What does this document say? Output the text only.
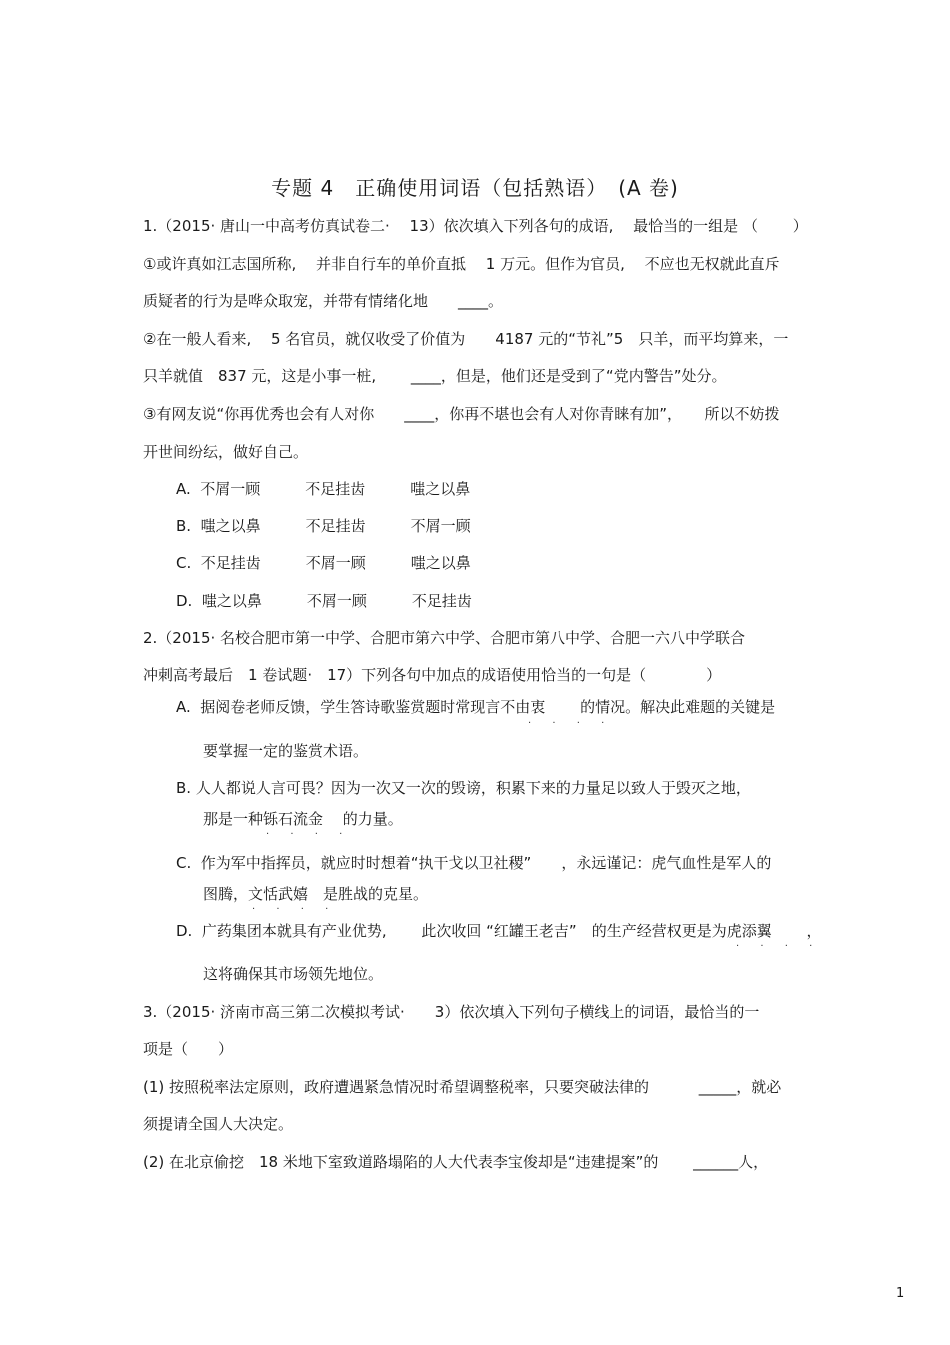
专题 4　正确使用词语（包括熟语）　(A 卷)
1.（2015· 唐山一中高考仿真试卷二·　 13）依次填入下列各句的成语,　 最恰当的一组是 （　　 ）
①或许真如江志国所称,　 并非自行车的单价直抵　 1 万元。但作为官员,　 不应也无权就此直斥
质疑者的行为是哗众取宠，并带有情绪化地　　____。
②在一般人看来,　 5 名官员，就仅收受了价值为　　4187 元的“节礼”5　只羊，而平均算来，一
只羊就值　837 元，这是小事一桩,　　 ____，但是，他们还是受到了“党内警告”处分。
③有网友说“你再优秀也会有人对你　　____，你再不堪也会有人对你青睐有加”，　　所以不妨拨
开世间纷纭，做好自己。
A.  不屑一顾　　　不足挂齿　　　嗤之以鼻
B.  嗤之以鼻　　　不足挂齿　　　不屑一顾
C.  不足挂齿　　　不屑一顾　　　嗤之以鼻
D.  嗤之以鼻　　　不屑一顾　　　不足挂齿
2.（2015· 名校合肥市第一中学、合肥市第六中学、合肥市第八中学、合肥一六八中学联合
冲刺高考最后　1 卷试题·　17）下列各句中加点的成语使用恰当的一句是（　　　　）
A.  据阅卷老师反馈，学生答诗歌鉴赏题时常现言不由衷　　 的情况。解决此难题的关键是
. . . .
要掌握一定的鉴赏术语。
B. 人人都说人言可畏？因为一次又一次的毁谤，积累下来的力量足以致人于毁灭之地，
那是一种铄石流金　 的力量。
. . . .
C.  作为军中指挥员，就应时时想着“执干戈以卫社稷”　　，永远谨记：虎气血性是军人的
图腾，文恬武嬉　是胜战的克星。
. . . .
D.  广药集团本就具有产业优势,　　 此次收回 “红罐王老吉”　的生产经营权更是为虎添翼　　 ，
. . . .
这将确保其市场领先地位。
3.（2015· 济南市高三第二次模拟考试·　　3）依次填入下列句子横线上的词语，最恰当的一
项是（　　）
(1) 按照税率法定原则，政府遭遇紧急情况时希望调整税率，只要突破法律的　　　 _____，就必
须提请全国人大决定。
(2) 在北京偷挖　18 米地下室致道路塌陷的人大代表李宝俊却是“违建提案”的　　 ______人，
1
